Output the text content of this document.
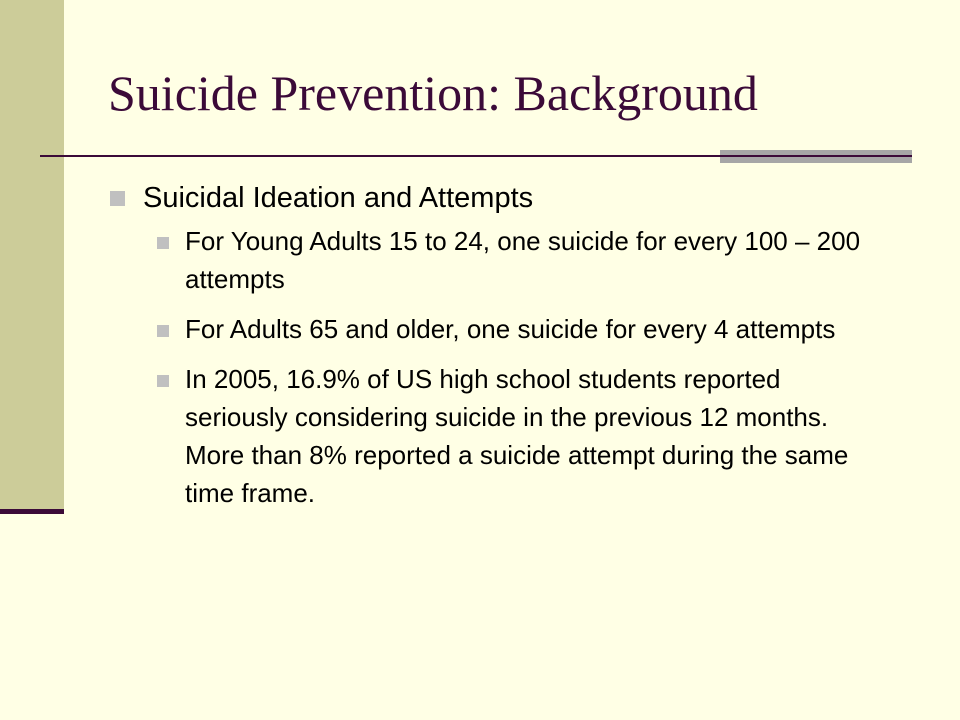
Suicide Prevention: Background
Suicidal Ideation and Attempts
For Young Adults 15 to 24, one suicide for every 100 – 200 attempts
For Adults 65 and older, one suicide for every 4 attempts
In 2005, 16.9% of US high school students reported seriously considering suicide in the previous 12 months.  More than 8% reported a suicide attempt during the same time frame.
